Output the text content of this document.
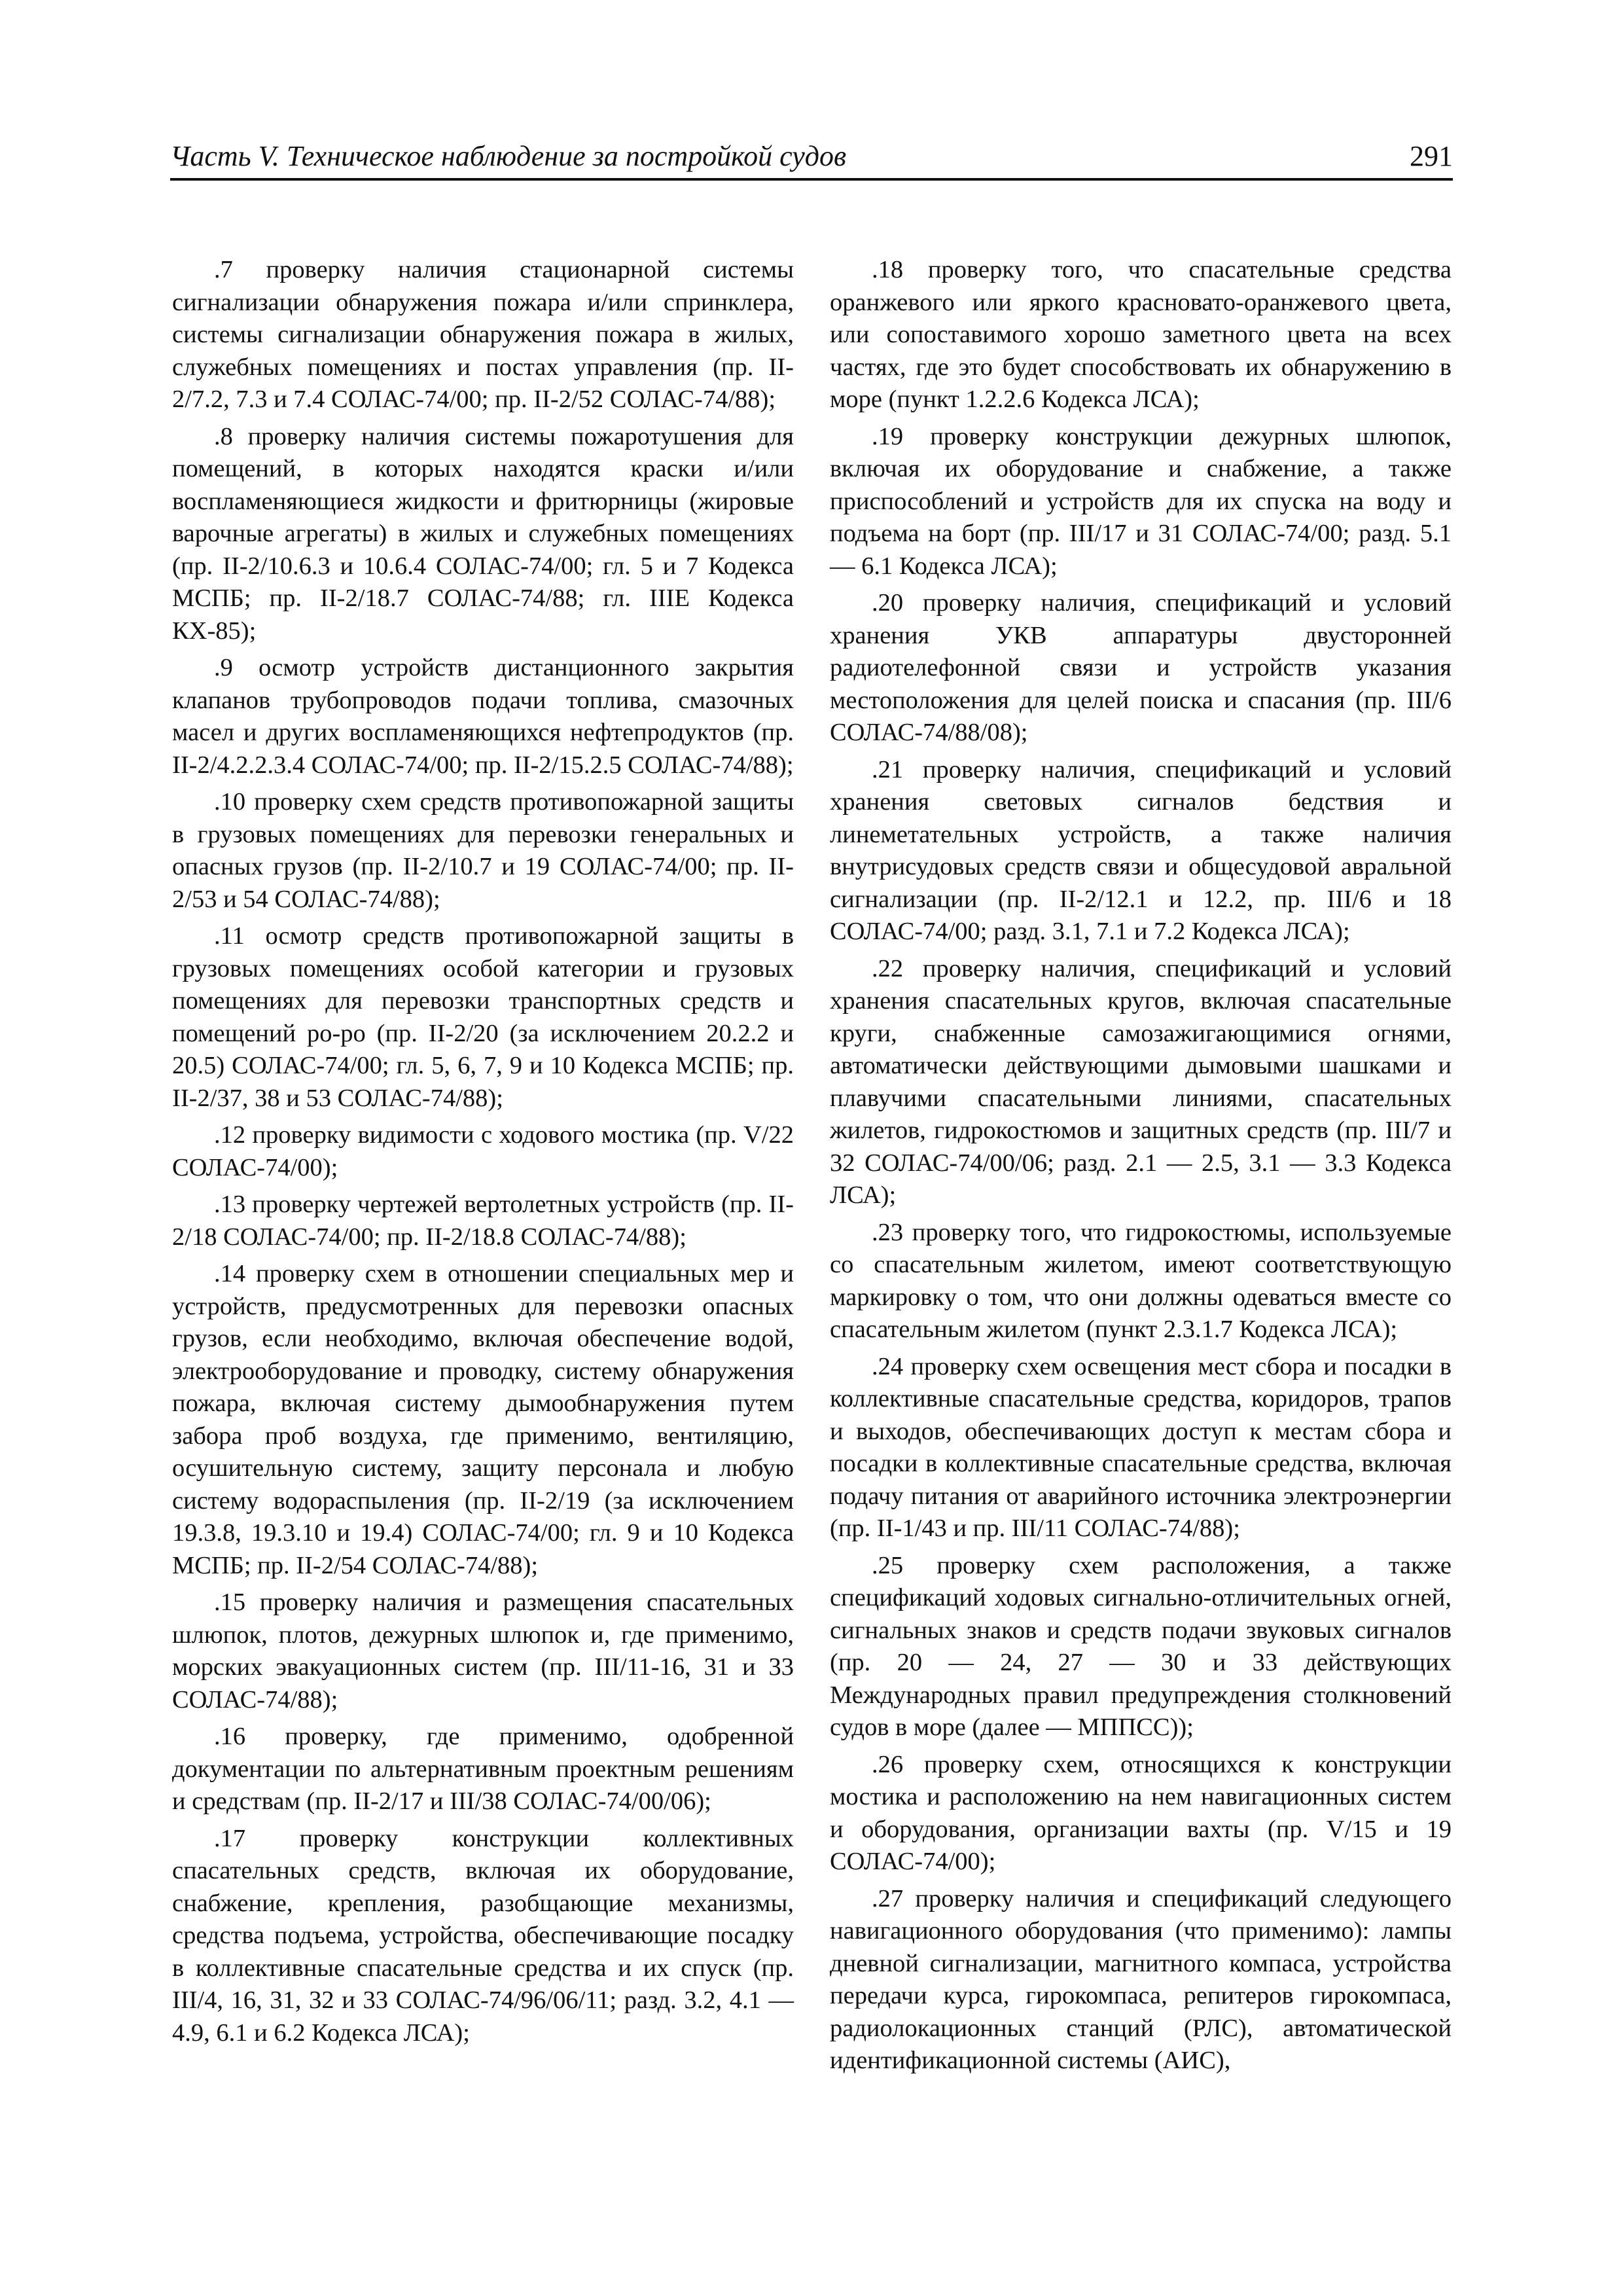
Часть V. Техническое наблюдение за постройкой судов	291

.7 проверку наличия стационарной системы сигнализации обнаружения пожара и/или спринклера, системы сигнализации обнаружения пожара в жилых, служебных помещениях и постах управления (пр. II-2/7.2, 7.3 и 7.4 СОЛАС-74/00; пр. II-2/52 СОЛАС-74/88);

.8 проверку наличия системы пожаротушения для помещений, в которых находятся краски и/или воспламеняющиеся жидкости и фритюрницы (жировые варочные агрегаты) в жилых и служебных помещениях (пр. II-2/10.6.3 и 10.6.4 СОЛАС-74/00; гл. 5 и 7 Кодекса МСПБ; пр. II-2/18.7 СОЛАС-74/88; гл. IIIE Кодекса КХ-85);

.9 осмотр устройств дистанционного закрытия клапанов трубопроводов подачи топлива, смазочных масел и других воспламеняющихся нефтепродуктов (пр. II-2/4.2.2.3.4 СОЛАС-74/00; пр. II-2/15.2.5 СОЛАС-74/88);

.10 проверку схем средств противопожарной защиты в грузовых помещениях для перевозки генеральных и опасных грузов (пр. II-2/10.7 и 19 СОЛАС-74/00; пр. II-2/53 и 54 СОЛАС-74/88);

.11 осмотр средств противопожарной защиты в грузовых помещениях особой категории и грузовых помещениях для перевозки транспортных средств и помещений ро-ро (пр. II-2/20 (за исключением 20.2.2 и 20.5) СОЛАС-74/00; гл. 5, 6, 7, 9 и 10 Кодекса МСПБ; пр. II-2/37, 38 и 53 СОЛАС-74/88);

.12 проверку видимости с ходового мостика (пр. V/22 СОЛАС-74/00);

.13 проверку чертежей вертолетных устройств (пр. II-2/18 СОЛАС-74/00; пр. II-2/18.8 СОЛАС-74/88);

.14 проверку схем в отношении специальных мер и устройств, предусмотренных для перевозки опасных грузов, если необходимо, включая обеспечение водой, электрооборудование и проводку, систему обнаружения пожара, включая систему дымообнаружения путем забора проб воздуха, где применимо, вентиляцию, осушительную систему, защиту персонала и любую систему водораспыления (пр. II-2/19 (за исключением 19.3.8, 19.3.10 и 19.4) СОЛАС-74/00; гл. 9 и 10 Кодекса МСПБ; пр. II-2/54 СОЛАС-74/88);

.15 проверку наличия и размещения спасательных шлюпок, плотов, дежурных шлюпок и, где применимо, морских эвакуационных систем (пр. III/11-16, 31 и 33 СОЛАС-74/88);

.16 проверку, где применимо, одобренной документации по альтернативным проектным решениям и средствам (пр. II-2/17 и III/38 СОЛАС-74/00/06);

.17 проверку конструкции коллективных спасательных средств, включая их оборудование, снабжение, крепления, разобщающие механизмы, средства подъема, устройства, обеспечивающие посадку в коллективные спасательные средства и их спуск (пр. III/4, 16, 31, 32 и 33 СОЛАС-74/96/06/11; разд. 3.2, 4.1 — 4.9, 6.1 и 6.2 Кодекса ЛСА);

.18 проверку того, что спасательные средства оранжевого или яркого красновато-оранжевого цвета, или сопоставимого хорошо заметного цвета на всех частях, где это будет способствовать их обнаружению в море (пункт 1.2.2.6 Кодекса ЛСА);

.19 проверку конструкции дежурных шлюпок, включая их оборудование и снабжение, а также приспособлений и устройств для их спуска на воду и подъема на борт (пр. III/17 и 31 СОЛАС-74/00; разд. 5.1 — 6.1 Кодекса ЛСА);

.20 проверку наличия, спецификаций и условий хранения УКВ аппаратуры двусторонней радиотелефонной связи и устройств указания местоположения для целей поиска и спасания (пр. III/6 СОЛАС-74/88/08);

.21 проверку наличия, спецификаций и условий хранения световых сигналов бедствия и линеметательных устройств, а также наличия внутрисудовых средств связи и общесудовой авральной сигнализации (пр. II-2/12.1 и 12.2, пр. III/6 и 18 СОЛАС-74/00; разд. 3.1, 7.1 и 7.2 Кодекса ЛСА);

.22 проверку наличия, спецификаций и условий хранения спасательных кругов, включая спасательные круги, снабженные самозажигающимися огнями, автоматически действующими дымовыми шашками и плавучими спасательными линиями, спасательных жилетов, гидрокостюмов и защитных средств (пр. III/7 и 32 СОЛАС-74/00/06; разд. 2.1 — 2.5, 3.1 — 3.3 Кодекса ЛСА);

.23 проверку того, что гидрокостюмы, используемые со спасательным жилетом, имеют соответствующую маркировку о том, что они должны одеваться вместе со спасательным жилетом (пункт 2.3.1.7 Кодекса ЛСА);

.24 проверку схем освещения мест сбора и посадки в коллективные спасательные средства, коридоров, трапов и выходов, обеспечивающих доступ к местам сбора и посадки в коллективные спасательные средства, включая подачу питания от аварийного источника электроэнергии (пр. II-1/43 и пр. III/11 СОЛАС-74/88);

.25 проверку схем расположения, а также спецификаций ходовых сигнально-отличительных огней, сигнальных знаков и средств подачи звуковых сигналов (пр. 20 — 24, 27 — 30 и 33 действующих Международных правил предупреждения столкновений судов в море (далее — МППСС));

.26 проверку схем, относящихся к конструкции мостика и расположению на нем навигационных систем и оборудования, организации вахты (пр. V/15 и 19 СОЛАС-74/00);

.27 проверку наличия и спецификаций следующего навигационного оборудования (что применимо): лампы дневной сигнализации, магнитного компаса, устройства передачи курса, гирокомпаса, репитеров гирокомпаса, радиолокационных станций (РЛС), автоматической идентификационной системы (АИС),
